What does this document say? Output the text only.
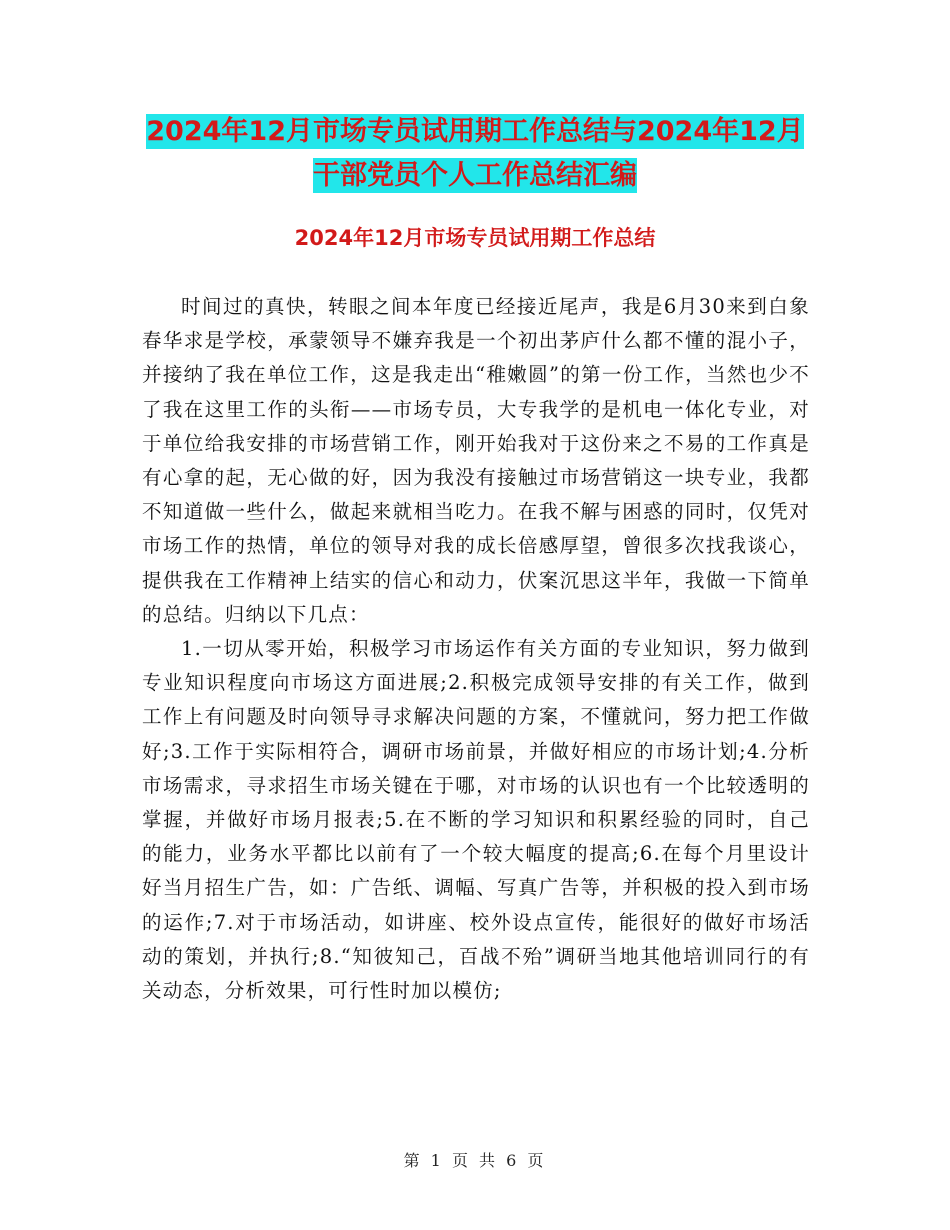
2024年12月市场专员试用期工作总结与2024年12月
干部党员个人工作总结汇编
2024年12月市场专员试用期工作总结

时间过的真快，转眼之间本年度已经接近尾声，我是6月30来到白象春华求是学校，承蒙领导不嫌弃我是一个初出茅庐什么都不懂的混小子，并接纳了我在单位工作，这是我走出“稚嫩圆”的第一份工作，当然也少不了我在这里工作的头衔——市场专员，大专我学的是机电一体化专业，对于单位给我安排的市场营销工作，刚开始我对于这份来之不易的工作真是有心拿的起，无心做的好，因为我没有接触过市场营销这一块专业，我都不知道做一些什么，做起来就相当吃力。在我不解与困惑的同时，仅凭对市场工作的热情，单位的领导对我的成长倍感厚望，曾很多次找我谈心，提供我在工作精神上结实的信心和动力，伏案沉思这半年，我做一下简单的总结。归纳以下几点：

1.一切从零开始，积极学习市场运作有关方面的专业知识，努力做到专业知识程度向市场这方面进展;2.积极完成领导安排的有关工作，做到工作上有问题及时向领导寻求解决问题的方案，不懂就问，努力把工作做好;3.工作于实际相符合，调研市场前景，并做好相应的市场计划;4.分析市场需求，寻求招生市场关键在于哪，对市场的认识也有一个比较透明的掌握，并做好市场月报表;5.在不断的学习知识和积累经验的同时，自己的能力，业务水平都比以前有了一个较大幅度的提高;6.在每个月里设计好当月招生广告，如：广告纸、调幅、写真广告等，并积极的投入到市场的运作;7.对于市场活动，如讲座、校外设点宣传，能很好的做好市场活动的策划，并执行;8.“知彼知己，百战不殆”调研当地其他培训同行的有关动态，分析效果，可行性时加以模仿;

第 1 页 共 6 页
